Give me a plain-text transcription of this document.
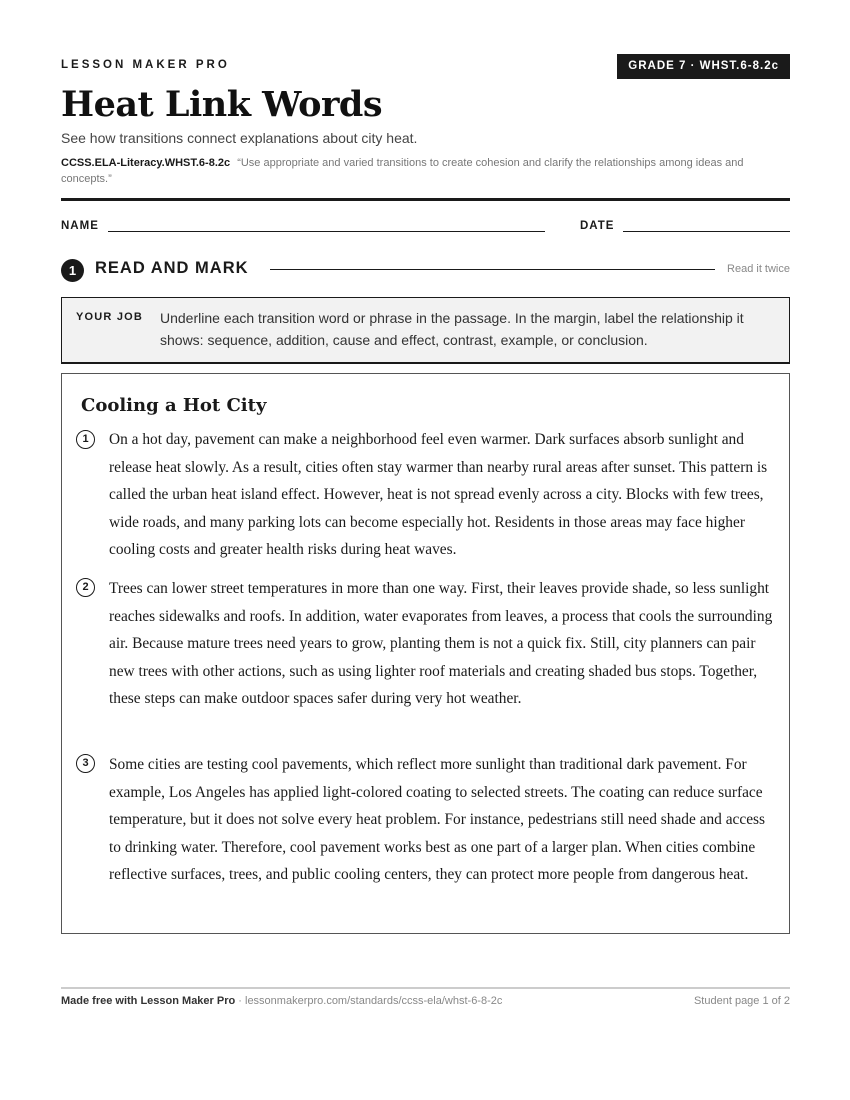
LESSON MAKER PRO	GRADE 7 · WHST.6-8.2c
Heat Link Words
See how transitions connect explanations about city heat.
CCSS.ELA-Literacy.WHST.6-8.2c “Use appropriate and varied transitions to create cohesion and clarify the relationships among ideas and concepts.”
NAME	DATE
1	READ AND MARK	Read it twice
YOUR JOB Underline each transition word or phrase in the passage. In the margin, label the relationship it shows: sequence, addition, cause and effect, contrast, example, or conclusion.
Cooling a Hot City
1	On a hot day, pavement can make a neighborhood feel even warmer. Dark surfaces absorb sunlight and release heat slowly. As a result, cities often stay warmer than nearby rural areas after sunset. This pattern is called the urban heat island effect. However, heat is not spread evenly across a city. Blocks with few trees, wide roads, and many parking lots can become especially hot. Residents in those areas may face higher cooling costs and greater health risks during heat waves.
2	Trees can lower street temperatures in more than one way. First, their leaves provide shade, so less sunlight reaches sidewalks and roofs. In addition, water evaporates from leaves, a process that cools the surrounding air. Because mature trees need years to grow, planting them is not a quick fix. Still, city planners can pair new trees with other actions, such as using lighter roof materials and creating shaded bus stops. Together, these steps can make outdoor spaces safer during very hot weather.
3	Some cities are testing cool pavements, which reflect more sunlight than traditional dark pavement. For example, Los Angeles has applied light-colored coating to selected streets. The coating can reduce surface temperature, but it does not solve every heat problem. For instance, pedestrians still need shade and access to drinking water. Therefore, cool pavement works best as one part of a larger plan. When cities combine reflective surfaces, trees, and public cooling centers, they can protect more people from dangerous heat.
Made free with Lesson Maker Pro · lessonmakerpro.com/standards/ccss-ela/whst-6-8-2c	Student page 1 of 2
